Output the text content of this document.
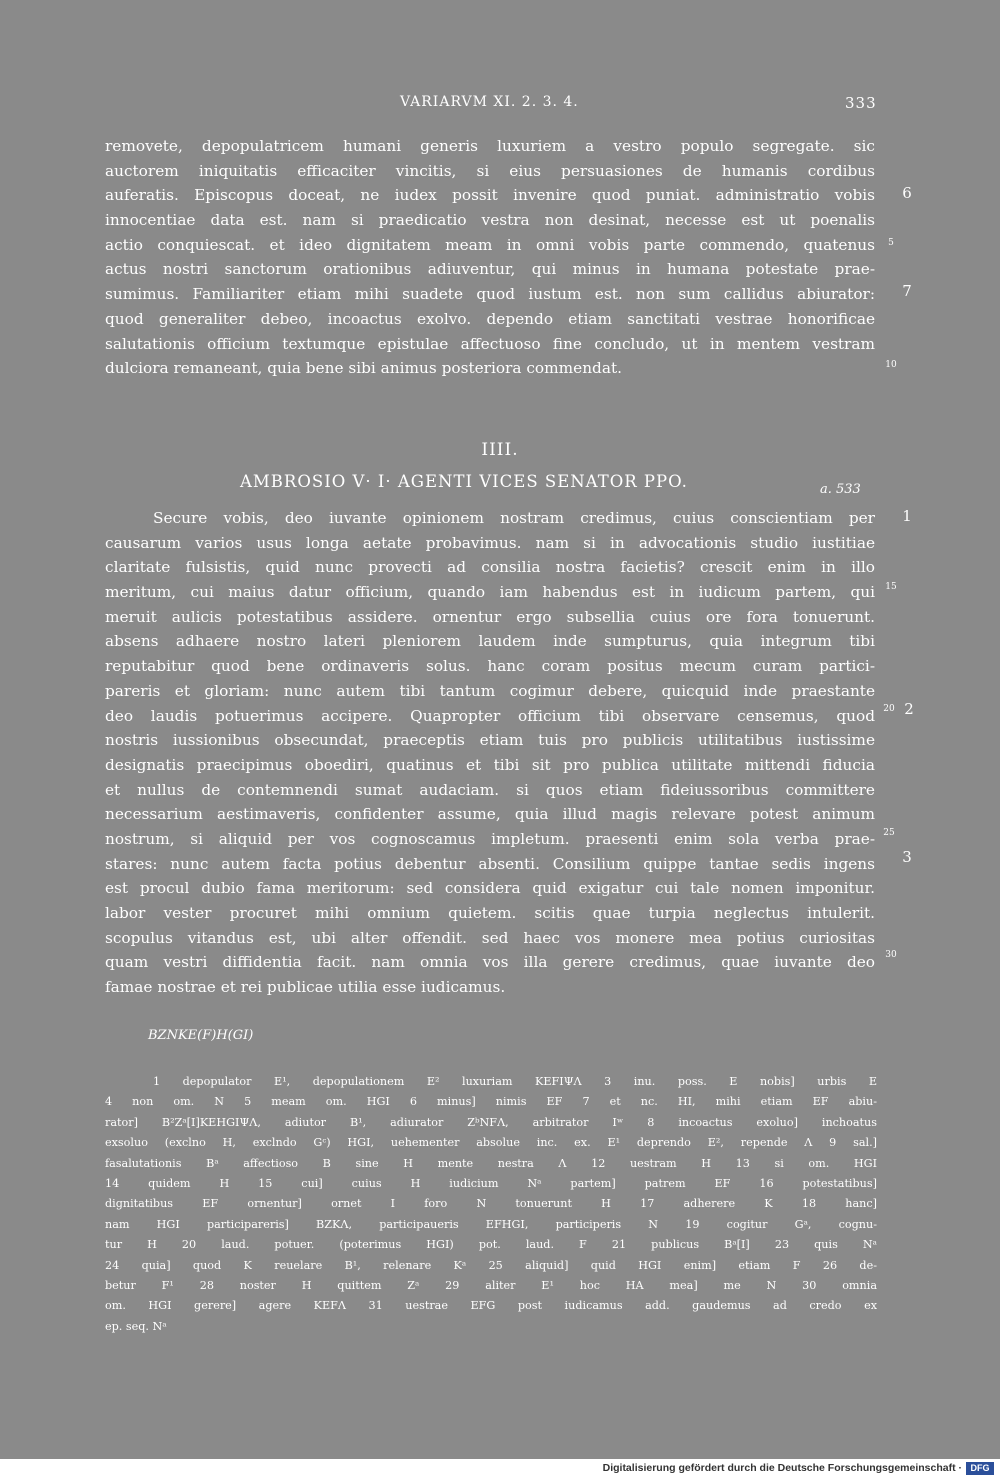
VARIARVM XI. 2. 3. 4.	333
removete, depopulatricem humani generis luxuriem a vestro populo segregate. sic
auctorem iniquitatis efficaciter vincitis, si eius persuasiones de humanis cordibus
auferatis. Episcopus doceat, ne iudex possit invenire quod puniat. administratio vobis
innocentiae data est. nam si praedicatio vestra non desinat, necesse est ut poenalis
actio conquiescat. et ideo dignitatem meam in omni vobis parte commendo, quatenus
actus nostri sanctorum orationibus adiuventur, qui minus in humana potestate prae-
sumimus. Familiariter etiam mihi suadete quod iustum est. non sum callidus abiurator:
quod generaliter debeo, incoactus exolvo. dependo etiam sanctitati vestrae honorificae
salutationis officium textumque epistulae affectuoso fine concludo, ut in mentem vestram
dulciora remaneant, quia bene sibi animus posteriora commendat.
6
5
7
10
IIII.
AMBROSIO V· I· AGENTI VICES SENATOR PPO.	a. 533
Secure vobis, deo iuvante opinionem nostram credimus, cuius conscientiam per
causarum varios usus longa aetate probavimus. nam si in advocationis studio iustitiae
claritate fulsistis, quid nunc provecti ad consilia nostra facietis? crescit enim in illo
meritum, cui maius datur officium, quando iam habendus est in iudicum partem, qui
meruit aulicis potestatibus assidere. ornentur ergo subsellia cuius ore fora tonuerunt.
absens adhaere nostro lateri pleniorem laudem inde sumpturus, quia integrum tibi
reputabitur quod bene ordinaveris solus. hanc coram positus mecum curam partici-
pareris et gloriam: nunc autem tibi tantum cogimur debere, quicquid inde praestante
deo laudis potuerimus accipere. Quapropter officium tibi observare censemus, quod
nostris iussionibus obsecundat, praeceptis etiam tuis pro publicis utilitatibus iustissime
designatis praecipimus oboediri, quatinus et tibi sit pro publica utilitate mittendi fiducia
et nullus de contemnendi sumat audaciam. si quos etiam fideiussoribus committere
necessarium aestimaveris, confidenter assume, quia illud magis relevare potest animum
nostrum, si aliquid per vos cognoscamus impletum. praesenti enim sola verba prae-
stares: nunc autem facta potius debentur absenti. Consilium quippe tantae sedis ingens
est procul dubio fama meritorum: sed considera quid exigatur cui tale nomen imponitur.
labor vester procuret mihi omnium quietem. scitis quae turpia neglectus intulerit.
scopulus vitandus est, ubi alter offendit. sed haec vos monere mea potius curiositas
quam vestri diffidentia facit. nam omnia vos illa gerere credimus, quae iuvante deo
famae nostrae et rei publicae utilia esse iudicamus.
1
15
20 2
25
3
30
BZNKE(F)H(GI)
1 depopulator E¹, depopulationem E² luxuriam KEFIΨΛ 3 inu. poss. E nobis] urbis E
4 non om. N 5 meam om. HGI 6 minus] nimis EF 7 et nc. HI, mihi etiam EF abiu-
rator] B²Zᵃ[I]KEHGIΨΛ, adiutor B¹, adiurator ZᵇNFΛ, arbitrator Iʷ 8 incoactus exoluo] inchoatus
exsoluo (exclno H, exclndo Gᶜ) HGI, uehementer absolue inc. ex. E¹ deprendo E², repende Λ 9 sal.]
fasalutationis Bᵃ affectioso B sine H mente nestra Λ 12 uestram H 13 si om. HGI
14 quidem H 15 cui] cuius H iudicium Nᵃ partem] patrem EF 16 potestatibus]
dignitatibus EF ornentur] ornet I foro N tonuerunt H 17 adherere K 18 hanc]
nam HGI participareris] BZKΛ, participaueris EFHGI, participeris N 19 cogitur Gᵃ, cognu-
tur H 20 laud. potuer. (poterimus HGI) pot. laud. F 21 publicus Bᵃ[I] 23 quis Nᵃ
24 quia] quod K reuelare B¹, relenare Kᵃ 25 aliquid] quid HGI enim] etiam F 26 de-
betur F¹ 28 noster H quittem Zᵃ 29 aliter E¹ hoc HA mea] me N 30 omnia
om. HGI gerere] agere KEFΛ 31 uestrae EFG post iudicamus add. gaudemus ad credo ex
ep. seq. Nᵃ
Digitalisierung gefördert durch die Deutsche Forschungsgemeinschaft · DFG
